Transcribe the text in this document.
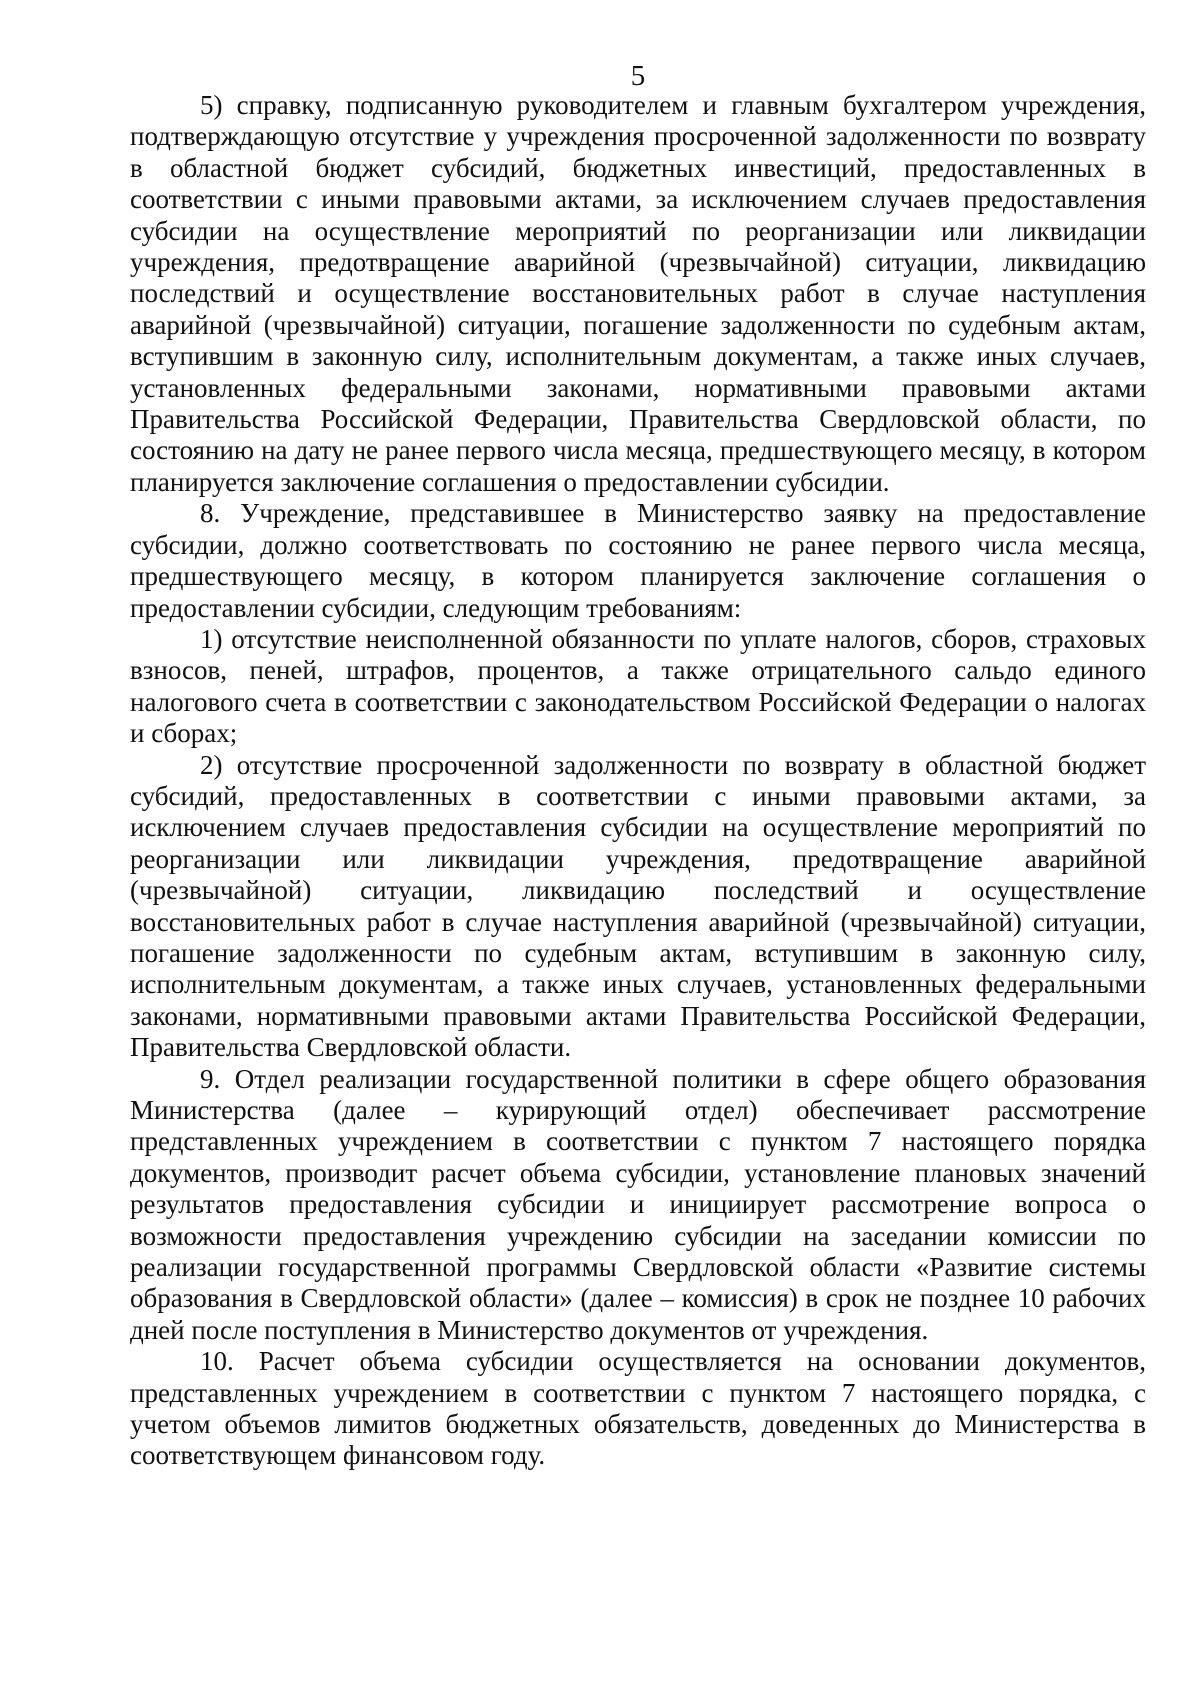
5

5) справку, подписанную руководителем и главным бухгалтером учреждения, подтверждающую отсутствие у учреждения просроченной задолженности по возврату в областной бюджет субсидий, бюджетных инвестиций, предоставленных в соответствии с иными правовыми актами, за исключением случаев предоставления субсидии на осуществление мероприятий по реорганизации или ликвидации учреждения, предотвращение аварийной (чрезвычайной) ситуации, ликвидацию последствий и осуществление восстановительных работ в случае наступления аварийной (чрезвычайной) ситуации, погашение задолженности по судебным актам, вступившим в законную силу, исполнительным документам, а также иных случаев, установленных федеральными законами, нормативными правовыми актами Правительства Российской Федерации, Правительства Свердловской области, по состоянию на дату не ранее первого числа месяца, предшествующего месяцу, в котором планируется заключение соглашения о предоставлении субсидии.

8. Учреждение, представившее в Министерство заявку на предоставление субсидии, должно соответствовать по состоянию не ранее первого числа месяца, предшествующего месяцу, в котором планируется заключение соглашения о предоставлении субсидии, следующим требованиям:

1) отсутствие неисполненной обязанности по уплате налогов, сборов, страховых взносов, пеней, штрафов, процентов, а также отрицательного сальдо единого налогового счета в соответствии с законодательством Российской Федерации о налогах и сборах;

2) отсутствие просроченной задолженности по возврату в областной бюджет субсидий, предоставленных в соответствии с иными правовыми актами, за исключением случаев предоставления субсидии на осуществление мероприятий по реорганизации или ликвидации учреждения, предотвращение аварийной (чрезвычайной) ситуации, ликвидацию последствий и осуществление восстановительных работ в случае наступления аварийной (чрезвычайной) ситуации, погашение задолженности по судебным актам, вступившим в законную силу, исполнительным документам, а также иных случаев, установленных федеральными законами, нормативными правовыми актами Правительства Российской Федерации, Правительства Свердловской области.

9. Отдел реализации государственной политики в сфере общего образования Министерства (далее – курирующий отдел) обеспечивает рассмотрение представленных учреждением в соответствии с пунктом 7 настоящего порядка документов, производит расчет объема субсидии, установление плановых значений результатов предоставления субсидии и инициирует рассмотрение вопроса о возможности предоставления учреждению субсидии на заседании комиссии по реализации государственной программы Свердловской области «Развитие системы образования в Свердловской области» (далее – комиссия) в срок не позднее 10 рабочих дней после поступления в Министерство документов от учреждения.

10. Расчет объема субсидии осуществляется на основании документов, представленных учреждением в соответствии с пунктом 7 настоящего порядка, с учетом объемов лимитов бюджетных обязательств, доведенных до Министерства в соответствующем финансовом году.
